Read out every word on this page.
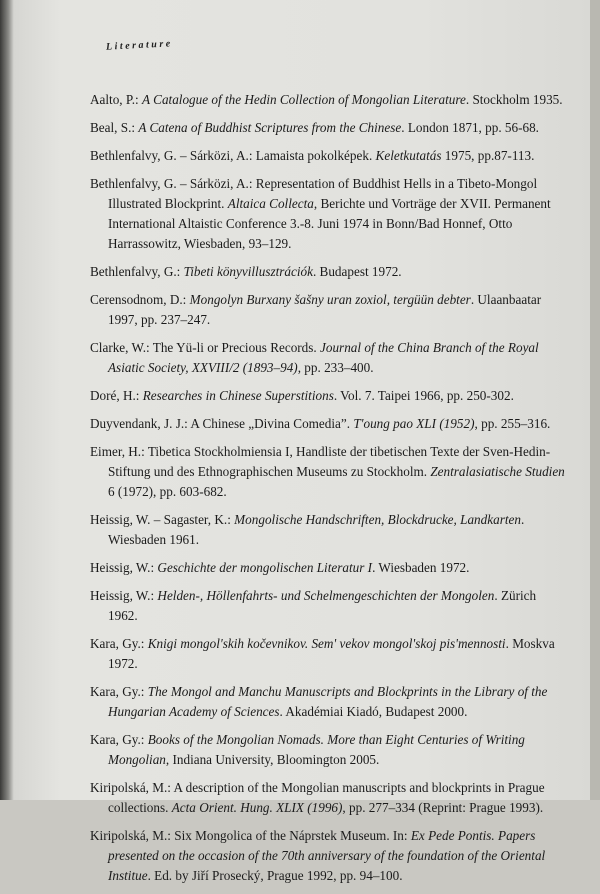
Literature
Aalto, P.: A Catalogue of the Hedin Collection of Mongolian Literature. Stockholm 1935.
Beal, S.: A Catena of Buddhist Scriptures from the Chinese. London 1871, pp. 56-68.
Bethlenfalvy, G. – Sárközi, A.: Lamaista pokolképek. Keletkutatás 1975, pp.87-113.
Bethlenfalvy, G. – Sárközi, A.: Representation of Buddhist Hells in a Tibeto-Mongol Illustrated Blockprint. Altaica Collecta, Berichte und Vorträge der XVII. Permanent International Altaistic Conference 3.-8. Juni 1974 in Bonn/Bad Honnef, Otto Harrassowitz, Wiesbaden, 93–129.
Bethlenfalvy, G.: Tibeti könyvillusztrációk. Budapest 1972.
Cerensodnom, D.: Mongolyn Burxany šašny uran zoxiol, tergüün debter. Ulaanbaatar 1997, pp. 237–247.
Clarke, W.: The Yü-li or Precious Records. Journal of the China Branch of the Royal Asiatic Society, XXVIII/2 (1893–94), pp. 233–400.
Doré, H.: Researches in Chinese Superstitions. Vol. 7. Taipei 1966, pp. 250-302.
Duyvendank, J. J.: A Chinese „Divina Comedia”. T'oung pao XLI (1952), pp. 255–316.
Eimer, H.: Tibetica Stockholmiensia I, Handliste der tibetischen Texte der Sven-Hedin-Stiftung und des Ethnographischen Museums zu Stockholm. Zentralasiatische Studien 6 (1972), pp. 603-682.
Heissig, W. – Sagaster, K.: Mongolische Handschriften, Blockdrucke, Landkarten. Wiesbaden 1961.
Heissig, W.: Geschichte der mongolischen Literatur I. Wiesbaden 1972.
Heissig, W.: Helden-, Höllenfahrts- und Schelmengeschichten der Mongolen. Zürich 1962.
Kara, Gy.: Knigi mongol'skih kočevnikov. Sem' vekov mongol'skoj pis'mennosti. Moskva 1972.
Kara, Gy.: The Mongol and Manchu Manuscripts and Blockprints in the Library of the Hungarian Academy of Sciences. Akadémiai Kiadó, Budapest 2000.
Kara, Gy.: Books of the Mongolian Nomads. More than Eight Centuries of Writing Mongolian, Indiana University, Bloomington 2005.
Kiripolská, M.: A description of the Mongolian manuscripts and blockprints in Prague collections. Acta Orient. Hung. XLIX (1996), pp. 277–334 (Reprint: Prague 1993).
Kiripolská, M.: Six Mongolica of the Náprstek Museum. In: Ex Pede Pontis. Papers presented on the occasion of the 70th anniversary of the foundation of the Oriental Institue. Ed. by Jiří Prosecký, Prague 1992, pp. 94–100.
